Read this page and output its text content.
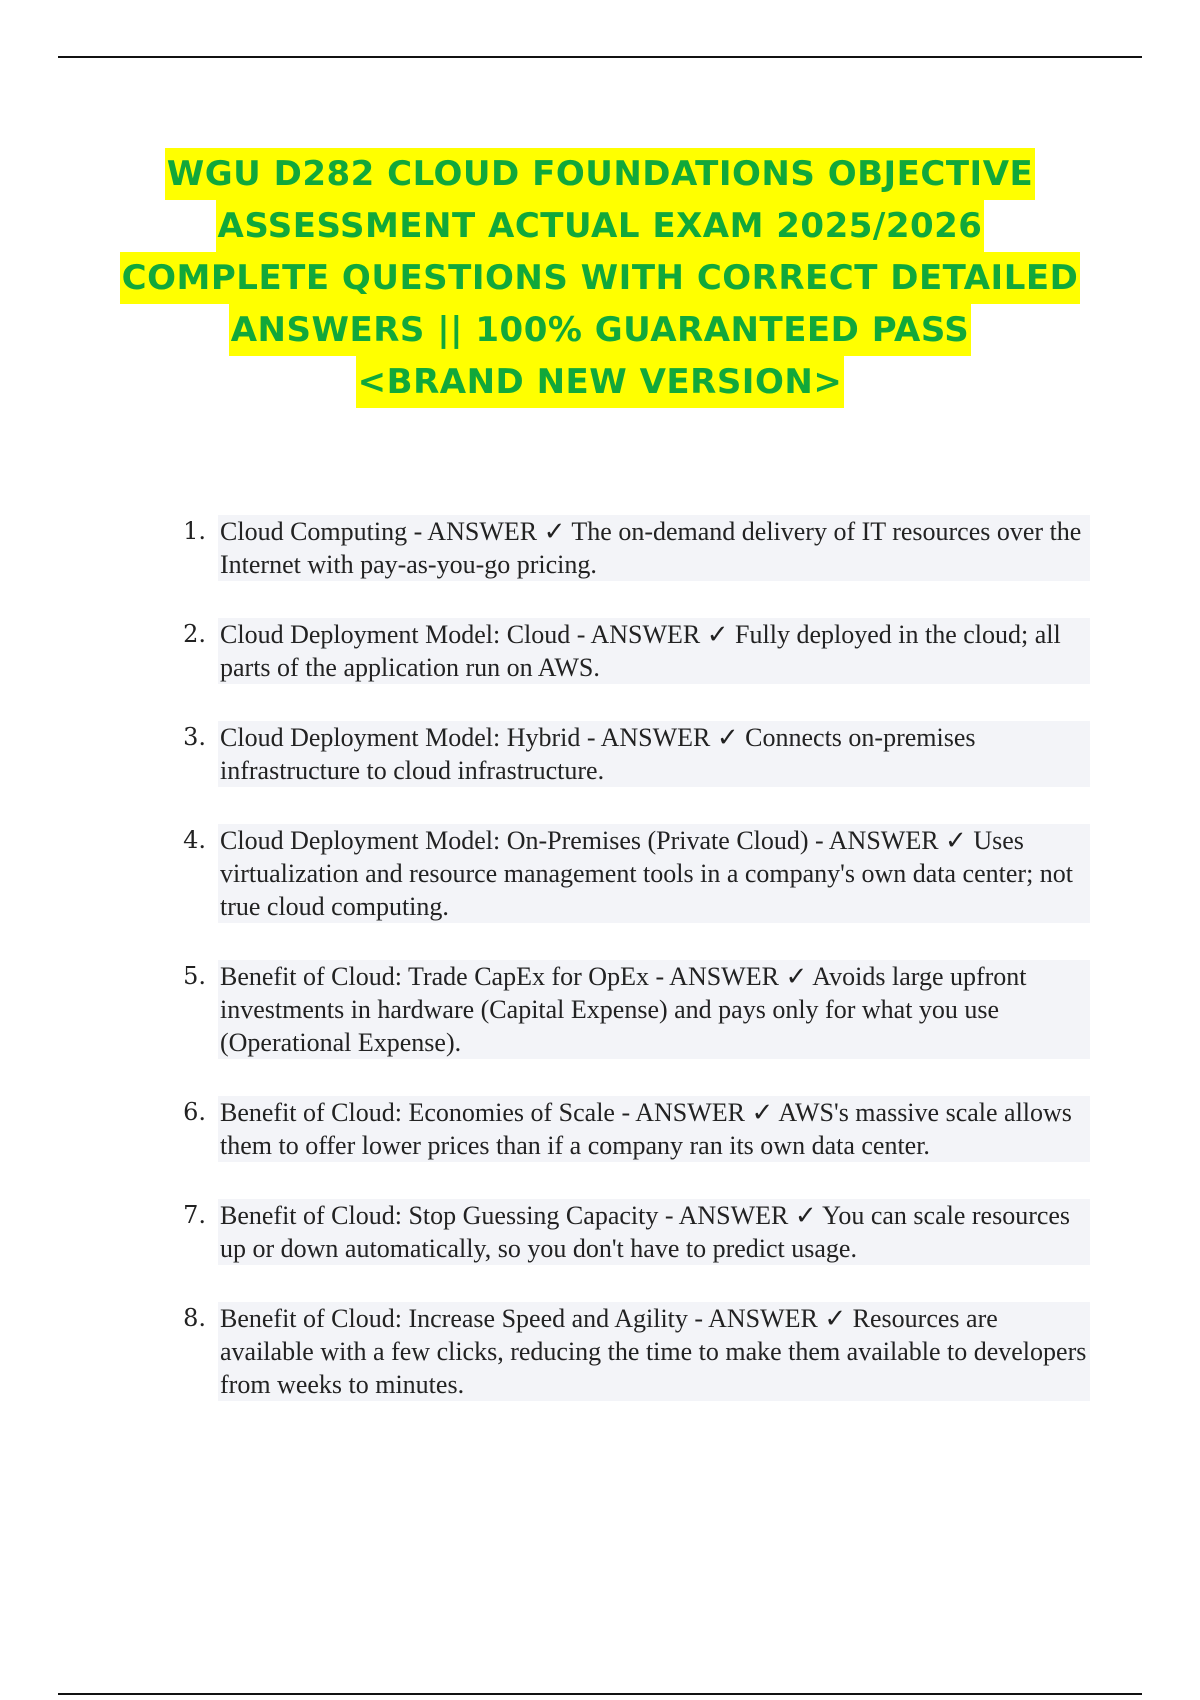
WGU D282 CLOUD FOUNDATIONS OBJECTIVE
ASSESSMENT ACTUAL EXAM 2025/2026
COMPLETE QUESTIONS WITH CORRECT DETAILED
ANSWERS || 100% GUARANTEED PASS
<BRAND NEW VERSION>
1. Cloud Computing - ANSWER ✓ The on-demand delivery of IT resources over the Internet with pay-as-you-go pricing.
2. Cloud Deployment Model: Cloud - ANSWER ✓ Fully deployed in the cloud; all parts of the application run on AWS.
3. Cloud Deployment Model: Hybrid - ANSWER ✓ Connects on-premises infrastructure to cloud infrastructure.
4. Cloud Deployment Model: On-Premises (Private Cloud) - ANSWER ✓ Uses virtualization and resource management tools in a company's own data center; not true cloud computing.
5. Benefit of Cloud: Trade CapEx for OpEx - ANSWER ✓ Avoids large upfront investments in hardware (Capital Expense) and pays only for what you use (Operational Expense).
6. Benefit of Cloud: Economies of Scale - ANSWER ✓ AWS's massive scale allows them to offer lower prices than if a company ran its own data center.
7. Benefit of Cloud: Stop Guessing Capacity - ANSWER ✓ You can scale resources up or down automatically, so you don't have to predict usage.
8. Benefit of Cloud: Increase Speed and Agility - ANSWER ✓ Resources are available with a few clicks, reducing the time to make them available to developers from weeks to minutes.
